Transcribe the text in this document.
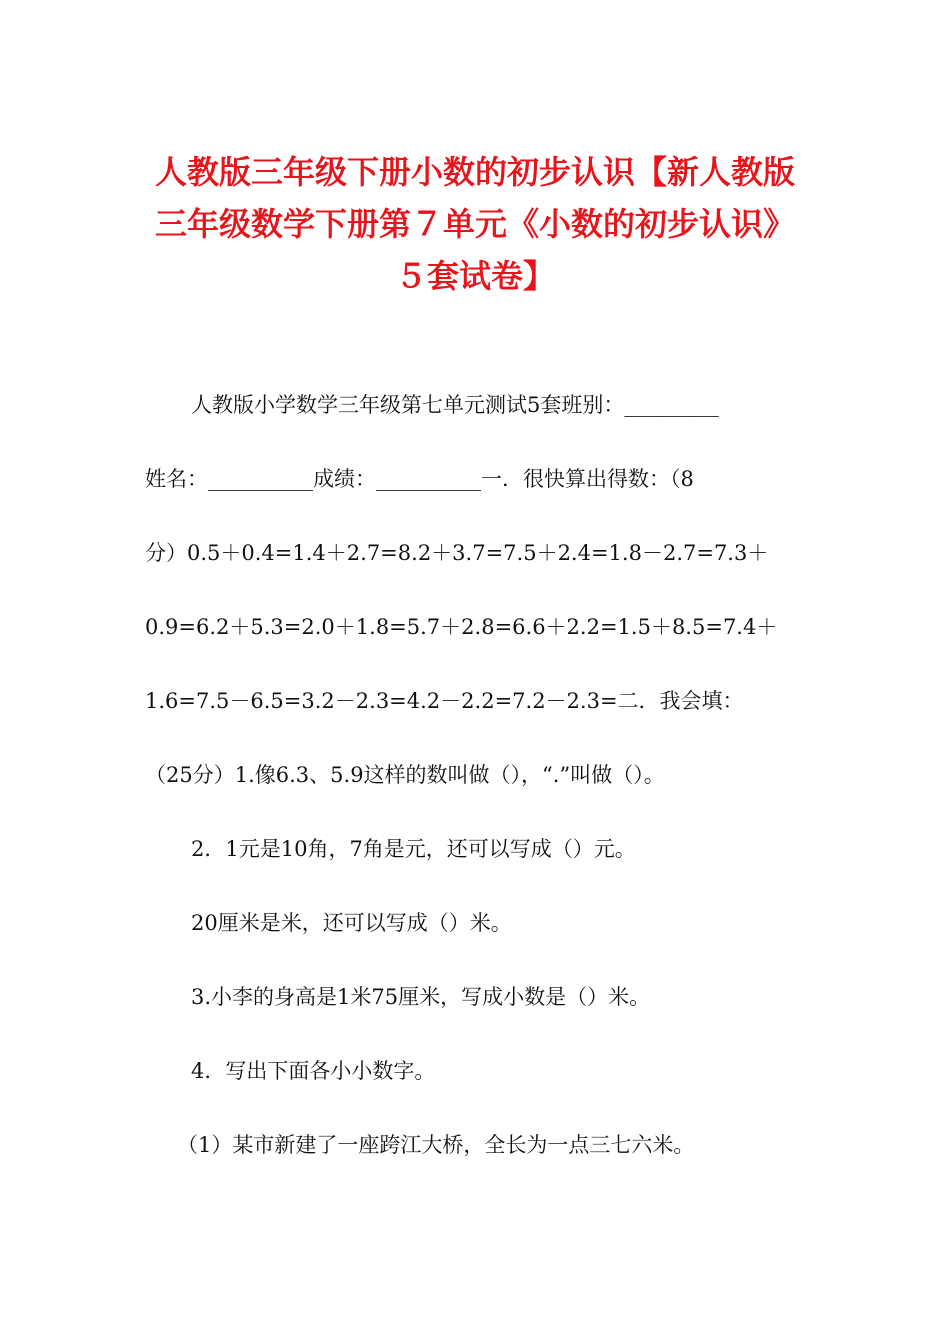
人教版三年级下册小数的初步认识【新人教版三年级数学下册第７单元《小数的初步认识》５套试卷】

人教版小学数学三年级第七单元测试5套班别：_________

姓名：__________成绩：__________一．很快算出得数：（8

分）0.5＋0.4=1.4＋2.7=8.2＋3.7=7.5＋2.4=1.8－2.7=7.3＋

0.9=6.2＋5.3=2.0＋1.8=5.7＋2.8=6.6＋2.2=1.5＋8.5=7.4＋

1.6=7.5－6.5=3.2－2.3=4.2－2.2=7.2－2.3=二．我会填：

（25分）1.像6.3、5.9这样的数叫做（），“.”叫做（）。

2．1元是10角，7角是元，还可以写成（）元。

20厘米是米，还可以写成（）米。

3.小李的身高是1米75厘米，写成小数是（）米。

4．写出下面各小小数字。

（1）某市新建了一座跨江大桥，全长为一点三七六米。
